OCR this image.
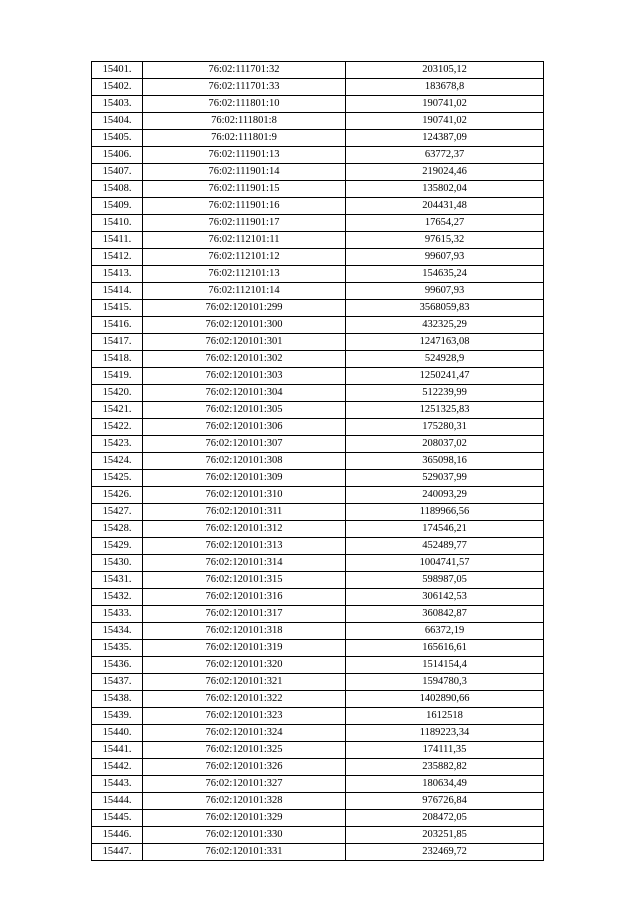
15401.	76:02:111701:32	203105,12
15402.	76:02:111701:33	183678,8
15403.	76:02:111801:10	190741,02
15404.	76:02:111801:8	190741,02
15405.	76:02:111801:9	124387,09
15406.	76:02:111901:13	63772,37
15407.	76:02:111901:14	219024,46
15408.	76:02:111901:15	135802,04
15409.	76:02:111901:16	204431,48
15410.	76:02:111901:17	17654,27
15411.	76:02:112101:11	97615,32
15412.	76:02:112101:12	99607,93
15413.	76:02:112101:13	154635,24
15414.	76:02:112101:14	99607,93
15415.	76:02:120101:299	3568059,83
15416.	76:02:120101:300	432325,29
15417.	76:02:120101:301	1247163,08
15418.	76:02:120101:302	524928,9
15419.	76:02:120101:303	1250241,47
15420.	76:02:120101:304	512239,99
15421.	76:02:120101:305	1251325,83
15422.	76:02:120101:306	175280,31
15423.	76:02:120101:307	208037,02
15424.	76:02:120101:308	365098,16
15425.	76:02:120101:309	529037,99
15426.	76:02:120101:310	240093,29
15427.	76:02:120101:311	1189966,56
15428.	76:02:120101:312	174546,21
15429.	76:02:120101:313	452489,77
15430.	76:02:120101:314	1004741,57
15431.	76:02:120101:315	598987,05
15432.	76:02:120101:316	306142,53
15433.	76:02:120101:317	360842,87
15434.	76:02:120101:318	66372,19
15435.	76:02:120101:319	165616,61
15436.	76:02:120101:320	1514154,4
15437.	76:02:120101:321	1594780,3
15438.	76:02:120101:322	1402890,66
15439.	76:02:120101:323	1612518
15440.	76:02:120101:324	1189223,34
15441.	76:02:120101:325	174111,35
15442.	76:02:120101:326	235882,82
15443.	76:02:120101:327	180634,49
15444.	76:02:120101:328	976726,84
15445.	76:02:120101:329	208472,05
15446.	76:02:120101:330	203251,85
15447.	76:02:120101:331	232469,72
